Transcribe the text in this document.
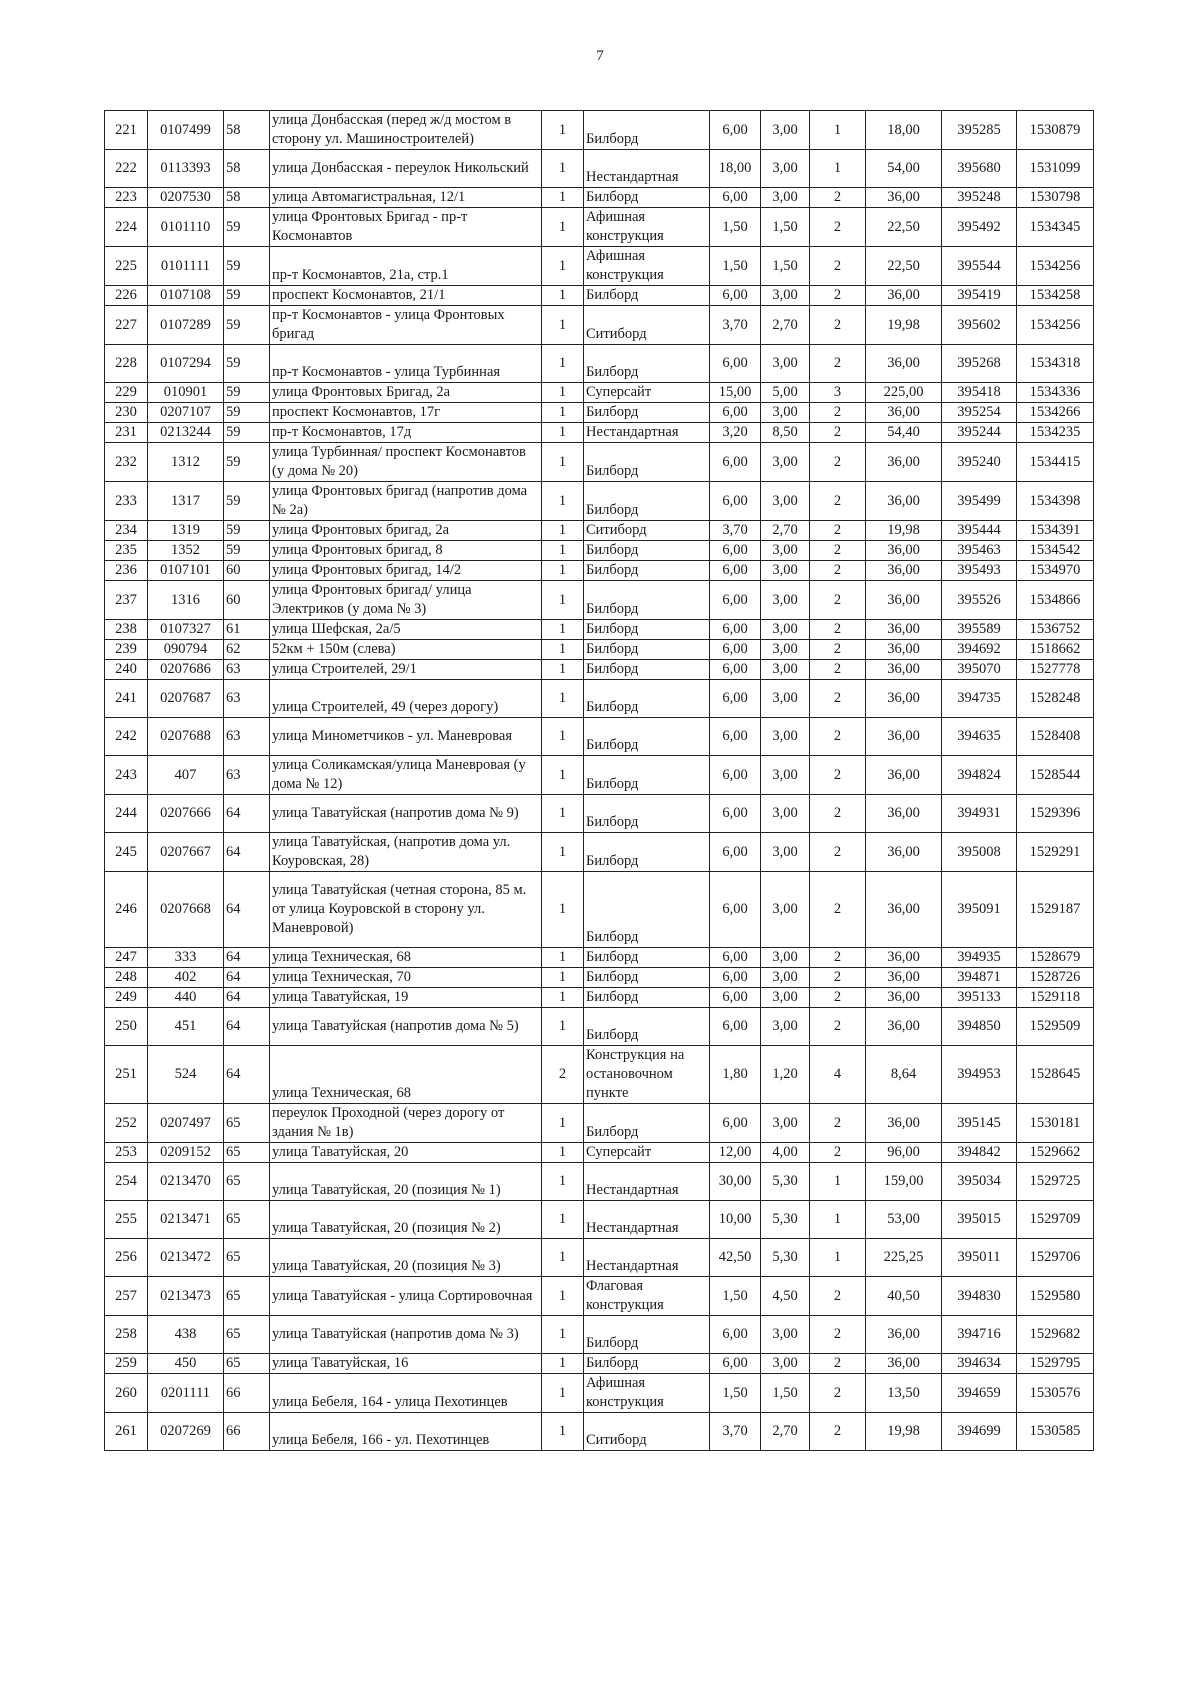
7
221	0107499	58	улица Донбасская (перед ж/д мостом в сторону ул. Машиностроителей)	1	Билборд	6,00	3,00	1	18,00	395285	1530879
222	0113393	58	улица Донбасская - переулок Никольский	1	Нестандартная	18,00	3,00	1	54,00	395680	1531099
223	0207530	58	улица Автомагистральная, 12/1	1	Билборд	6,00	3,00	2	36,00	395248	1530798
224	0101110	59	улица Фронтовых Бригад - пр-т Космонавтов	1	Афишная конструкция	1,50	1,50	2	22,50	395492	1534345
225	0101111	59	пр-т Космонавтов, 21а, стр.1	1	Афишная конструкция	1,50	1,50	2	22,50	395544	1534256
226	0107108	59	проспект Космонавтов, 21/1	1	Билборд	6,00	3,00	2	36,00	395419	1534258
227	0107289	59	пр-т Космонавтов - улица Фронтовых бригад	1	Ситиборд	3,70	2,70	2	19,98	395602	1534256
228	0107294	59	пр-т Космонавтов - улица Турбинная	1	Билборд	6,00	3,00	2	36,00	395268	1534318
229	010901	59	улица Фронтовых Бригад, 2а	1	Суперсайт	15,00	5,00	3	225,00	395418	1534336
230	0207107	59	проспект Космонавтов, 17г	1	Билборд	6,00	3,00	2	36,00	395254	1534266
231	0213244	59	пр-т Космонавтов, 17д	1	Нестандартная	3,20	8,50	2	54,40	395244	1534235
232	1312	59	улица Турбинная/ проспект Космонавтов (у дома № 20)	1	Билборд	6,00	3,00	2	36,00	395240	1534415
233	1317	59	улица Фронтовых бригад (напротив дома № 2а)	1	Билборд	6,00	3,00	2	36,00	395499	1534398
234	1319	59	улица Фронтовых бригад, 2а	1	Ситиборд	3,70	2,70	2	19,98	395444	1534391
235	1352	59	улица Фронтовых бригад, 8	1	Билборд	6,00	3,00	2	36,00	395463	1534542
236	0107101	60	улица Фронтовых бригад, 14/2	1	Билборд	6,00	3,00	2	36,00	395493	1534970
237	1316	60	улица Фронтовых бригад/ улица Электриков (у дома № 3)	1	Билборд	6,00	3,00	2	36,00	395526	1534866
238	0107327	61	улица Шефская, 2а/5	1	Билборд	6,00	3,00	2	36,00	395589	1536752
239	090794	62	52км + 150м (слева)	1	Билборд	6,00	3,00	2	36,00	394692	1518662
240	0207686	63	улица Строителей, 29/1	1	Билборд	6,00	3,00	2	36,00	395070	1527778
241	0207687	63	улица Строителей, 49 (через дорогу)	1	Билборд	6,00	3,00	2	36,00	394735	1528248
242	0207688	63	улица Минометчиков - ул. Маневровая	1	Билборд	6,00	3,00	2	36,00	394635	1528408
243	407	63	улица Соликамская/улица Маневровая (у дома № 12)	1	Билборд	6,00	3,00	2	36,00	394824	1528544
244	0207666	64	улица Таватуйская (напротив дома № 9)	1	Билборд	6,00	3,00	2	36,00	394931	1529396
245	0207667	64	улица Таватуйская, (напротив дома ул. Коуровская, 28)	1	Билборд	6,00	3,00	2	36,00	395008	1529291
246	0207668	64	улица Таватуйская (четная сторона, 85 м. от улица Коуровской в сторону ул. Маневровой)	1	Билборд	6,00	3,00	2	36,00	395091	1529187
247	333	64	улица Техническая, 68	1	Билборд	6,00	3,00	2	36,00	394935	1528679
248	402	64	улица Техническая, 70	1	Билборд	6,00	3,00	2	36,00	394871	1528726
249	440	64	улица Таватуйская, 19	1	Билборд	6,00	3,00	2	36,00	395133	1529118
250	451	64	улица Таватуйская (напротив дома № 5)	1	Билборд	6,00	3,00	2	36,00	394850	1529509
251	524	64	улица Техническая, 68	2	Конструкция на остановочном пункте	1,80	1,20	4	8,64	394953	1528645
252	0207497	65	переулок Проходной (через дорогу от здания № 1в)	1	Билборд	6,00	3,00	2	36,00	395145	1530181
253	0209152	65	улица Таватуйская, 20	1	Суперсайт	12,00	4,00	2	96,00	394842	1529662
254	0213470	65	улица Таватуйская, 20 (позиция № 1)	1	Нестандартная	30,00	5,30	1	159,00	395034	1529725
255	0213471	65	улица Таватуйская, 20 (позиция № 2)	1	Нестандартная	10,00	5,30	1	53,00	395015	1529709
256	0213472	65	улица Таватуйская, 20 (позиция № 3)	1	Нестандартная	42,50	5,30	1	225,25	395011	1529706
257	0213473	65	улица Таватуйская - улица Сортировочная	1	Флаговая конструкция	1,50	4,50	2	40,50	394830	1529580
258	438	65	улица Таватуйская (напротив дома № 3)	1	Билборд	6,00	3,00	2	36,00	394716	1529682
259	450	65	улица Таватуйская, 16	1	Билборд	6,00	3,00	2	36,00	394634	1529795
260	0201111	66	улица Бебеля, 164 - улица Пехотинцев	1	Афишная конструкция	1,50	1,50	2	13,50	394659	1530576
261	0207269	66	улица Бебеля, 166 - ул. Пехотинцев	1	Ситиборд	3,70	2,70	2	19,98	394699	1530585
